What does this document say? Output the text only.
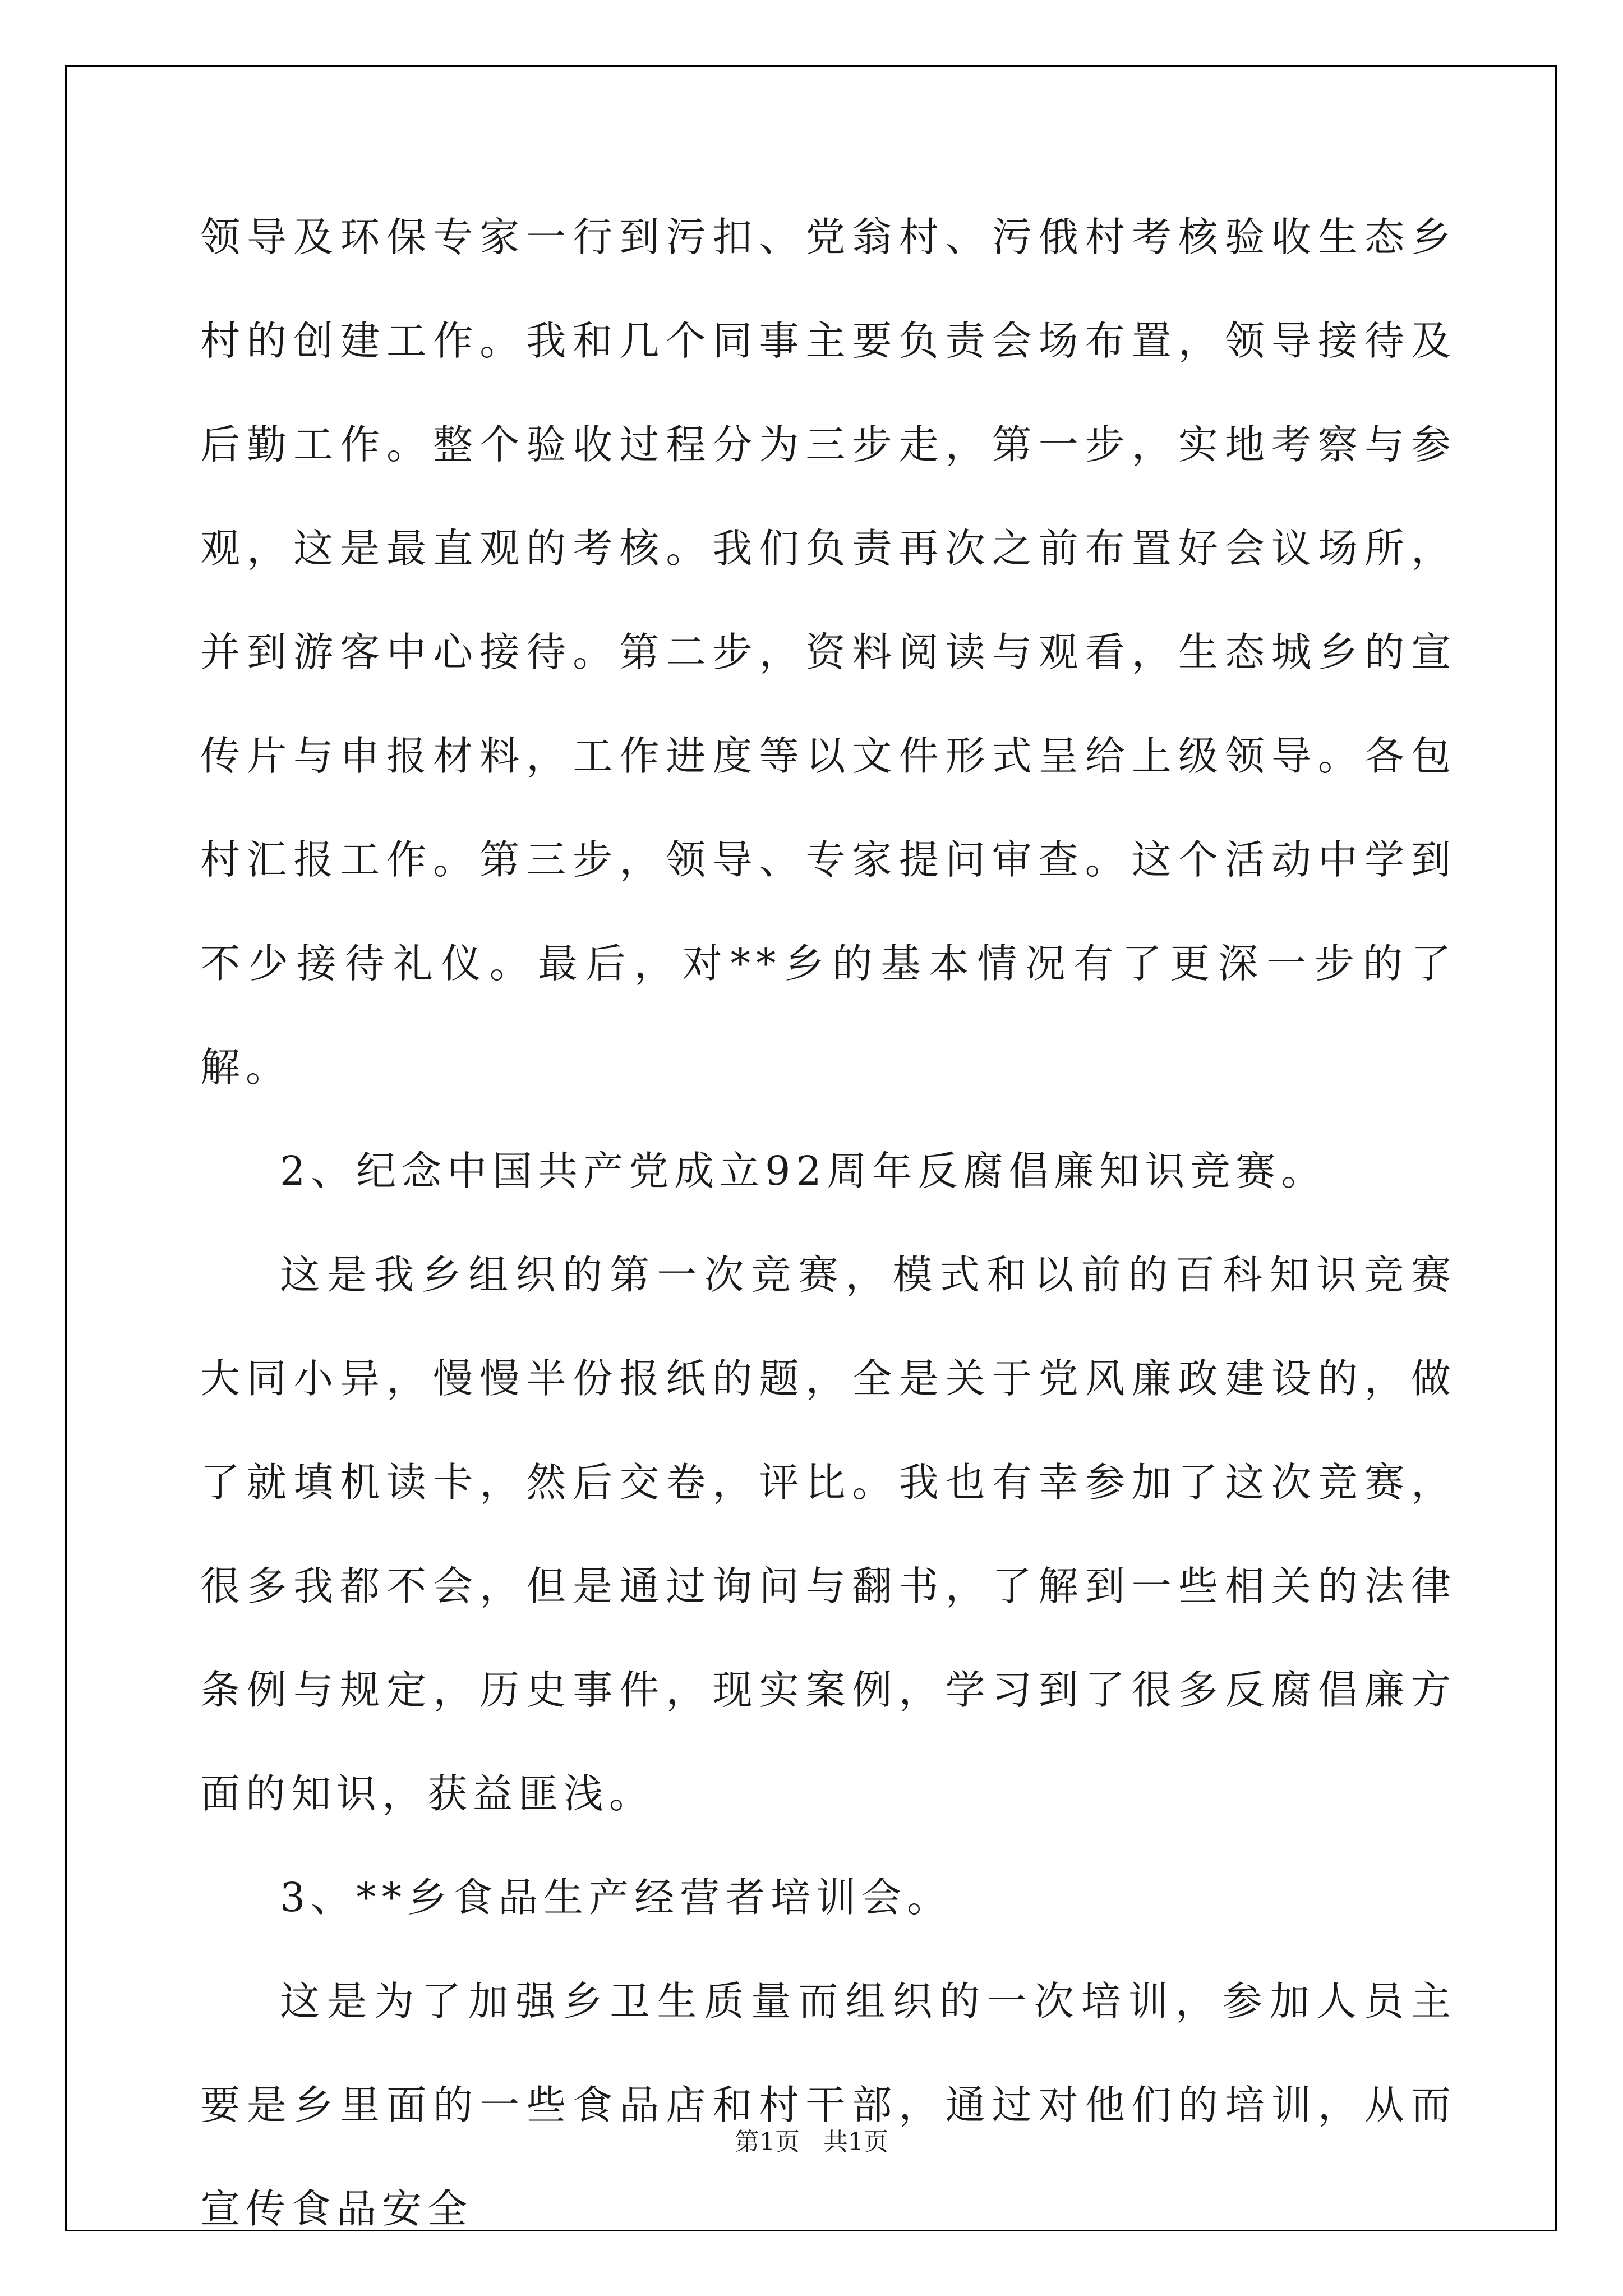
领导及环保专家一行到污扣、党翁村、污俄村考核验收生态乡村的创建工作。我和几个同事主要负责会场布置，领导接待及后勤工作。整个验收过程分为三步走，第一步，实地考察与参观，这是最直观的考核。我们负责再次之前布置好会议场所，并到游客中心接待。第二步，资料阅读与观看，生态城乡的宣传片与申报材料，工作进度等以文件形式呈给上级领导。各包村汇报工作。第三步，领导、专家提问审查。这个活动中学到不少接待礼仪。最后，对**乡的基本情况有了更深一步的了解。

2、纪念中国共产党成立92周年反腐倡廉知识竞赛。

这是我乡组织的第一次竞赛，模式和以前的百科知识竞赛大同小异，慢慢半份报纸的题，全是关于党风廉政建设的，做了就填机读卡，然后交卷，评比。我也有幸参加了这次竞赛，很多我都不会，但是通过询问与翻书，了解到一些相关的法律条例与规定，历史事件，现实案例，学习到了很多反腐倡廉方面的知识，获益匪浅。

3、**乡食品生产经营者培训会。

这是为了加强乡卫生质量而组织的一次培训，参加人员主要是乡里面的一些食品店和村干部，通过对他们的培训，从而宣传食品安全

第1页   共1页
